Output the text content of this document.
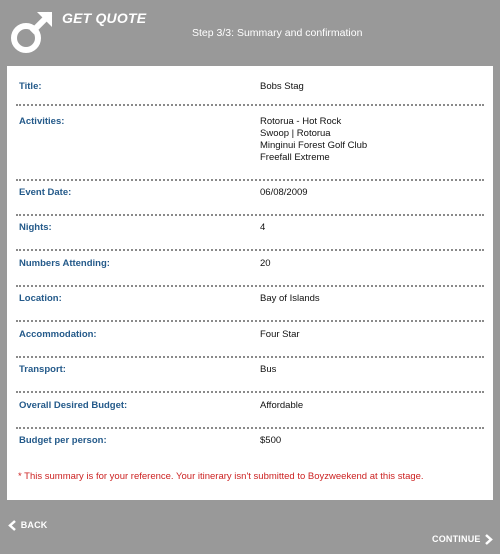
GET QUOTE
Step 3/3: Summary and confirmation
Title:	Bobs Stag
Activities:	Rotorua - Hot Rock
Swoop | Rotorua
Minginui Forest Golf Club
Freefall Extreme
Event Date:	06/08/2009
Nights:	4
Numbers Attending:	20
Location:	Bay of Islands
Accommodation:	Four Star
Transport:	Bus
Overall Desired Budget:	Affordable
Budget per person:	$500
* This summary is for your reference. Your itinerary isn't submitted to Boyzweekend at this stage.
BACK
CONTINUE
